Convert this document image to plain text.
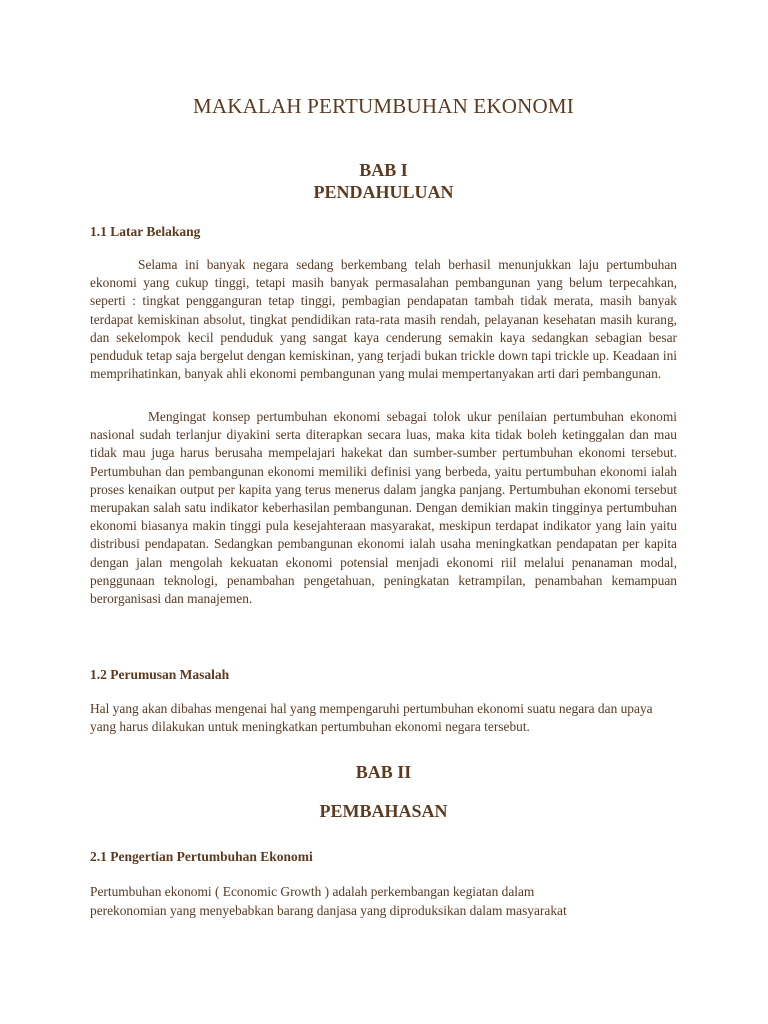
MAKALAH PERTUMBUHAN EKONOMI
BAB I
PENDAHULUAN
1.1 Latar Belakang

Selama ini banyak negara sedang berkembang telah berhasil menunjukkan laju pertumbuhan ekonomi yang cukup tinggi, tetapi masih banyak permasalahan pembangunan yang belum terpecahkan, seperti : tingkat pengganguran tetap tinggi, pembagian pendapatan tambah tidak merata, masih banyak terdapat kemiskinan absolut, tingkat pendidikan rata-rata masih rendah, pelayanan kesehatan masih kurang, dan sekelompok kecil penduduk yang sangat kaya cenderung semakin kaya sedangkan sebagian besar penduduk tetap saja bergelut dengan kemiskinan, yang terjadi bukan trickle down tapi trickle up. Keadaan ini memprihatinkan, banyak ahli ekonomi pembangunan yang mulai mempertanyakan arti dari pembangunan.

Mengingat konsep pertumbuhan ekonomi sebagai tolok ukur penilaian pertumbuhan ekonomi nasional sudah terlanjur diyakini serta diterapkan secara luas, maka kita tidak boleh ketinggalan dan mau tidak mau juga harus berusaha mempelajari hakekat dan sumber-sumber pertumbuhan ekonomi tersebut. Pertumbuhan dan pembangunan ekonomi memiliki definisi yang berbeda, yaitu pertumbuhan ekonomi ialah proses kenaikan output per kapita yang terus menerus dalam jangka panjang. Pertumbuhan ekonomi tersebut merupakan salah satu indikator keberhasilan pembangunan. Dengan demikian makin tingginya pertumbuhan ekonomi biasanya makin tinggi pula kesejahteraan masyarakat, meskipun terdapat indikator yang lain yaitu distribusi pendapatan. Sedangkan pembangunan ekonomi ialah usaha meningkatkan pendapatan per kapita dengan jalan mengolah kekuatan ekonomi potensial menjadi ekonomi riil melalui penanaman modal, penggunaan teknologi, penambahan pengetahuan, peningkatan ketrampilan, penambahan kemampuan berorganisasi dan manajemen.

1.2 Perumusan Masalah

Hal yang akan dibahas mengenai hal yang mempengaruhi pertumbuhan ekonomi suatu negara dan upaya yang harus dilakukan untuk meningkatkan pertumbuhan ekonomi negara tersebut.

BAB II
PEMBAHASAN
2.1 Pengertian Pertumbuhan Ekonomi
Pertumbuhan ekonomi ( Economic Growth ) adalah perkembangan kegiatan dalam
perekonomian yang menyebabkan barang danjasa yang diproduksikan dalam masyarakat
